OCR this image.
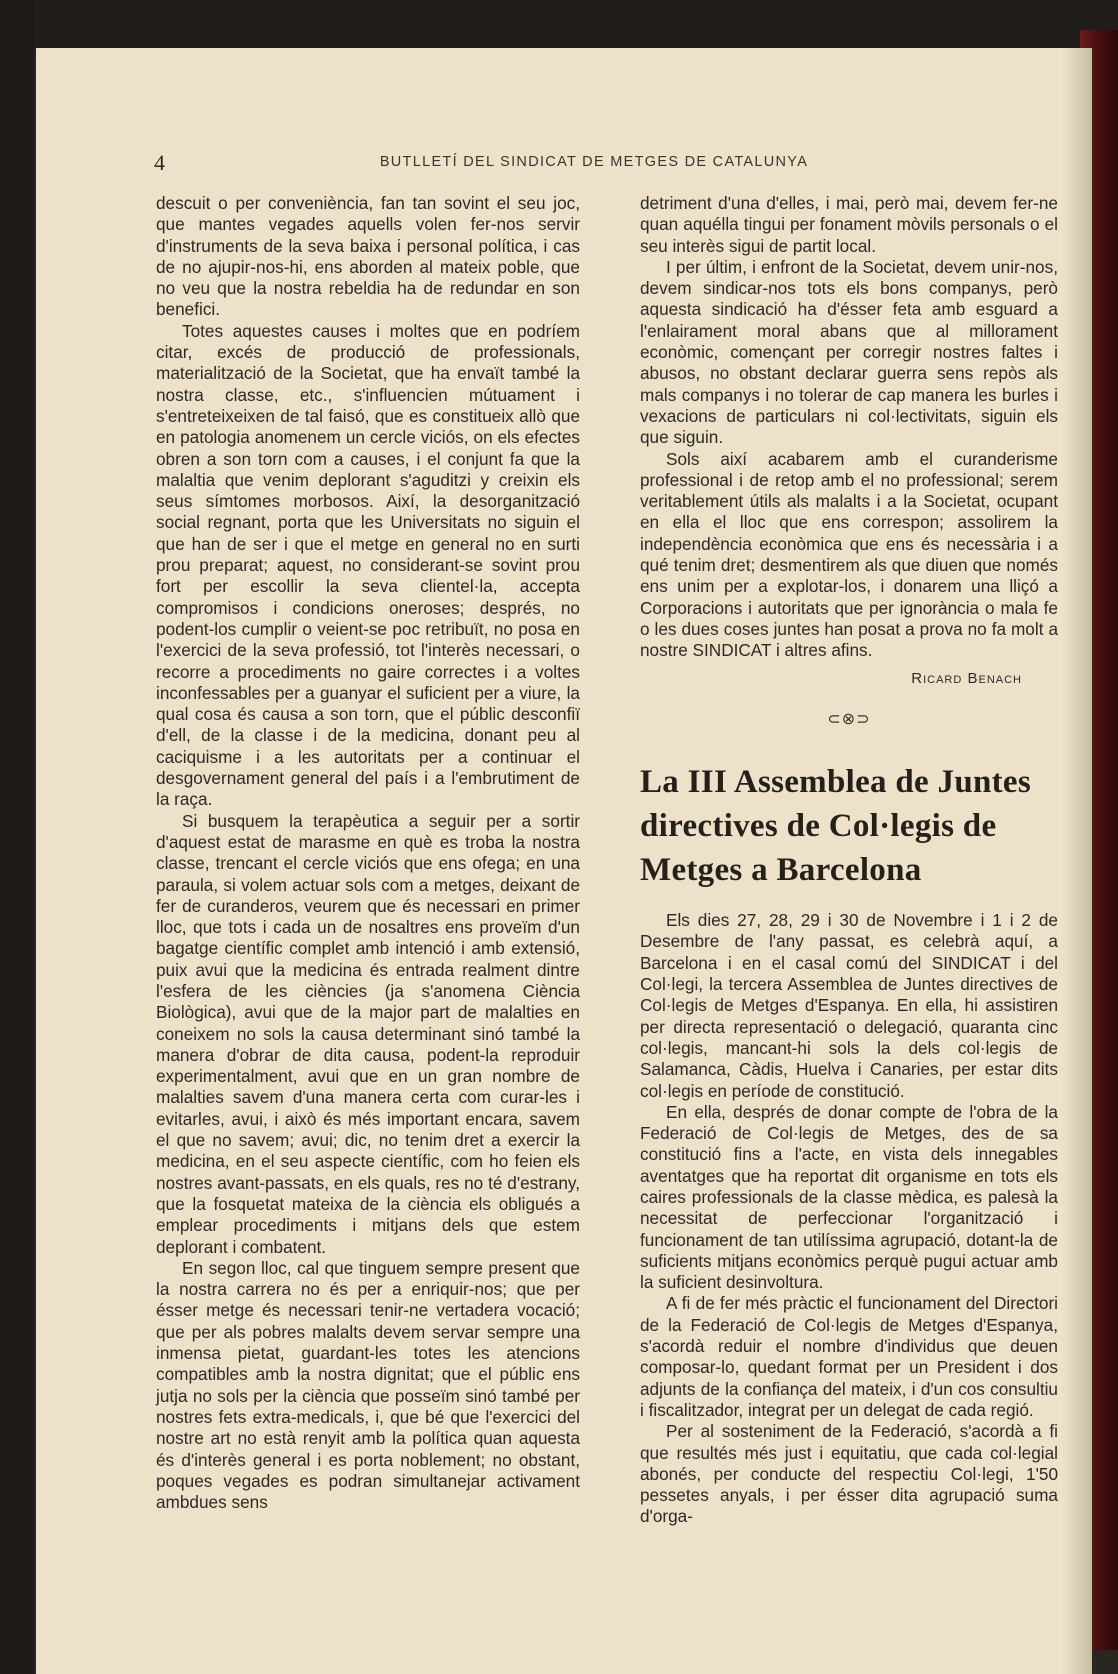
4	BUTLLETÍ DEL SINDICAT DE METGES DE CATALUNYA

descuit o per conveniència, fan tan sovint el seu joc, que mantes vegades aquells volen fer-nos servir d'instruments de la seva baixa i personal política, i cas de no ajupir-nos-hi, ens aborden al mateix poble, que no veu que la nostra rebeldia ha de redundar en son benefici.

Totes aquestes causes i moltes que en podríem citar, excés de producció de professionals, materialització de la Societat, que ha envaït també la nostra classe, etc., s'influencien mútuament i s'entreteixeixen de tal faisó, que es constitueix allò que en patologia anomenem un cercle viciós, on els efectes obren a son torn com a causes, i el conjunt fa que la malaltia que venim deplorant s'aguditzi y creixin els seus símtomes morbosos. Així, la desorganització social regnant, porta que les Universitats no siguin el que han de ser i que el metge en general no en surti prou preparat; aquest, no considerant-se sovint prou fort per escollir la seva clientel·la, accepta compromisos i condicions oneroses; després, no podent-los cumplir o veient-se poc retribuït, no posa en l'exercici de la seva professió, tot l'interès necessari, o recorre a procediments no gaire correctes i a voltes inconfessables per a guanyar el suficient per a viure, la qual cosa és causa a son torn, que el públic desconfiï d'ell, de la classe i de la medicina, donant peu al caciquisme i a les autoritats per a continuar el desgovernament general del país i a l'embrutiment de la raça.

Si busquem la terapèutica a seguir per a sortir d'aquest estat de marasme en què es troba la nostra classe, trencant el cercle viciós que ens ofega; en una paraula, si volem actuar sols com a metges, deixant de fer de curanderos, veurem que és necessari en primer lloc, que tots i cada un de nosaltres ens proveïm d'un bagatge científic complet amb intenció i amb extensió, puix avui que la medicina és entrada realment dintre l'esfera de les ciències (ja s'anomena Ciència Biològica), avui que de la major part de malalties en coneixem no sols la causa determinant sinó també la manera d'obrar de dita causa, podent-la reproduir experimentalment, avui que en un gran nombre de malalties savem d'una manera certa com curar-les i evitarles, avui, i això és més important encara, savem el que no savem; avui; dic, no tenim dret a exercir la medicina, en el seu aspecte científic, com ho feien els nostres avant-passats, en els quals, res no té d'estrany, que la fosquetat mateixa de la ciència els obligués a emplear procediments i mitjans dels que estem deplorant i combatent.

En segon lloc, cal que tinguem sempre present que la nostra carrera no és per a enriquir-nos; que per ésser metge és necessari tenir-ne vertadera vocació; que per als pobres malalts devem servar sempre una inmensa pietat, guardant-les totes les atencions compatibles amb la nostra dignitat; que el públic ens jutja no sols per la ciència que posseïm sinó també per nostres fets extra-medicals, i, que bé que l'exercici del nostre art no està renyit amb la política quan aquesta és d'interès general i es porta noblement; no obstant, poques vegades es podran simultanejar activament ambdues sens

detriment d'una d'elles, i mai, però mai, devem fer-ne quan aquélla tingui per fonament mòvils personals o el seu interès sigui de partit local.

I per últim, i enfront de la Societat, devem unir-nos, devem sindicar-nos tots els bons companys, però aquesta sindicació ha d'ésser feta amb esguard a l'enlairament moral abans que al millorament econòmic, començant per corregir nostres faltes i abusos, no obstant declarar guerra sens repòs als mals companys i no tolerar de cap manera les burles i vexacions de particulars ni col·lectivitats, siguin els que siguin.

Sols així acabarem amb el curanderisme professional i de retop amb el no professional; serem veritablement útils als malalts i a la Societat, ocupant en ella el lloc que ens correspon; assolirem la independència econòmica que ens és necessària i a qué tenim dret; desmentirem als que diuen que només ens unim per a explotar-los, i donarem una lliçó a Corporacions i autoritats que per ignorància o mala fe o les dues coses juntes han posat a prova no fa molt a nostre SINDICAT i altres afins.

Ricard Benach
⊂⊗⊃
La III Assemblea de Juntes directives de Col·legis de Metges a Barcelona

Els dies 27, 28, 29 i 30 de Novembre i 1 i 2 de Desembre de l'any passat, es celebrà aquí, a Barcelona i en el casal comú del SINDICAT i del Col·legi, la tercera Assemblea de Juntes directives de Col·legis de Metges d'Espanya. En ella, hi assistiren per directa representació o delegació, quaranta cinc col·legis, mancant-hi sols la dels col·legis de Salamanca, Càdis, Huelva i Canaries, per estar dits col·legis en període de constitució.

En ella, després de donar compte de l'obra de la Federació de Col·legis de Metges, des de sa constitució fins a l'acte, en vista dels innegables aventatges que ha reportat dit organisme en tots els caires professionals de la classe mèdica, es palesà la necessitat de perfeccionar l'organització i funcionament de tan utilíssima agrupació, dotant-la de suficients mitjans econòmics perquè pugui actuar amb la suficient desinvoltura.

A fi de fer més pràctic el funcionament del Directori de la Federació de Col·legis de Metges d'Espanya, s'acordà reduir el nombre d'individus que deuen composar-lo, quedant format per un President i dos adjunts de la confiança del mateix, i d'un cos consultiu i fiscalitzador, integrat per un delegat de cada regió.

Per al sosteniment de la Federació, s'acordà a fi que resultés més just i equitatiu, que cada col·legial abonés, per conducte del respectiu Col·legi, 1'50 pessetes anyals, i per ésser dita agrupació suma d'orga-
